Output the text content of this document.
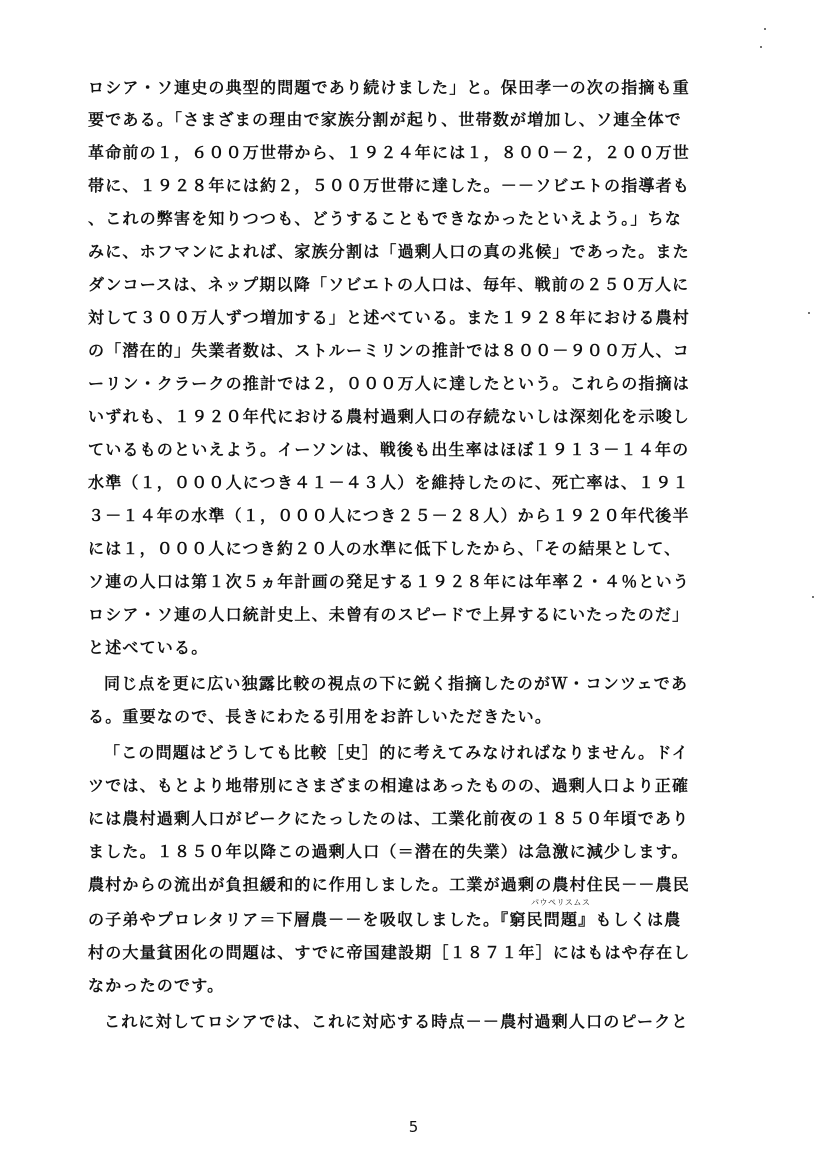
ロシア・ソ連史の典型的問題であり続けました」と。保田孝一の次の指摘も重
要である。「さまざまの理由で家族分割が起り、世帯数が増加し、ソ連全体で
革命前の１，６００万世帯から、１９２４年には１，８００－２，２００万世
帯に、１９２８年には約２，５００万世帯に達した。－－ソビエトの指導者も
、これの弊害を知りつつも、どうすることもできなかったといえよう。」ちな
みに、ホフマンによれば、家族分割は「過剰人口の真の兆候」であった。また
ダンコースは、ネップ期以降「ソビエトの人口は、毎年、戦前の２５０万人に
対して３００万人ずつ増加する」と述べている。また１９２８年における農村
の「潜在的」失業者数は、ストルーミリンの推計では８００－９００万人、コ
ーリン・クラークの推計では２，０００万人に達したという。これらの指摘は
いずれも、１９２０年代における農村過剰人口の存続ないしは深刻化を示唆し
ているものといえよう。イーソンは、戦後も出生率はほぼ１９１３－１４年の
水準（１，０００人につき４１－４３人）を維持したのに、死亡率は、１９１
３－１４年の水準（１，０００人につき２５－２８人）から１９２０年代後半
には１，０００人につき約２０人の水準に低下したから、「その結果として、
ソ連の人口は第１次５ヵ年計画の発足する１９２８年には年率２・４％という
ロシア・ソ連の人口統計史上、未曾有のスピードで上昇するにいたったのだ」
と述べている。
同じ点を更に広い独露比較の視点の下に鋭く指摘したのがＷ・コンツェであ
る。重要なので、長きにわたる引用をお許しいただきたい。
「この問題はどうしても比較［史］的に考えてみなければなりません。ドイ
ツでは、もとより地帯別にさまざまの相違はあったものの、過剰人口より正確
には農村過剰人口がピークにたっしたのは、工業化前夜の１８５０年頃であり
ました。１８５０年以降この過剰人口（＝潜在的失業）は急激に減少します。
農村からの流出が負担緩和的に作用しました。工業が過剰の農村住民－－農民
パウペリスムス
の子弟やプロレタリア＝下層農－－を吸収しました。『窮民問題』もしくは農
村の大量貧困化の問題は、すでに帝国建設期［１８７１年］にはもはや存在し
なかったのです。
これに対してロシアでは、これに対応する時点－－農村過剰人口のピークと
5
